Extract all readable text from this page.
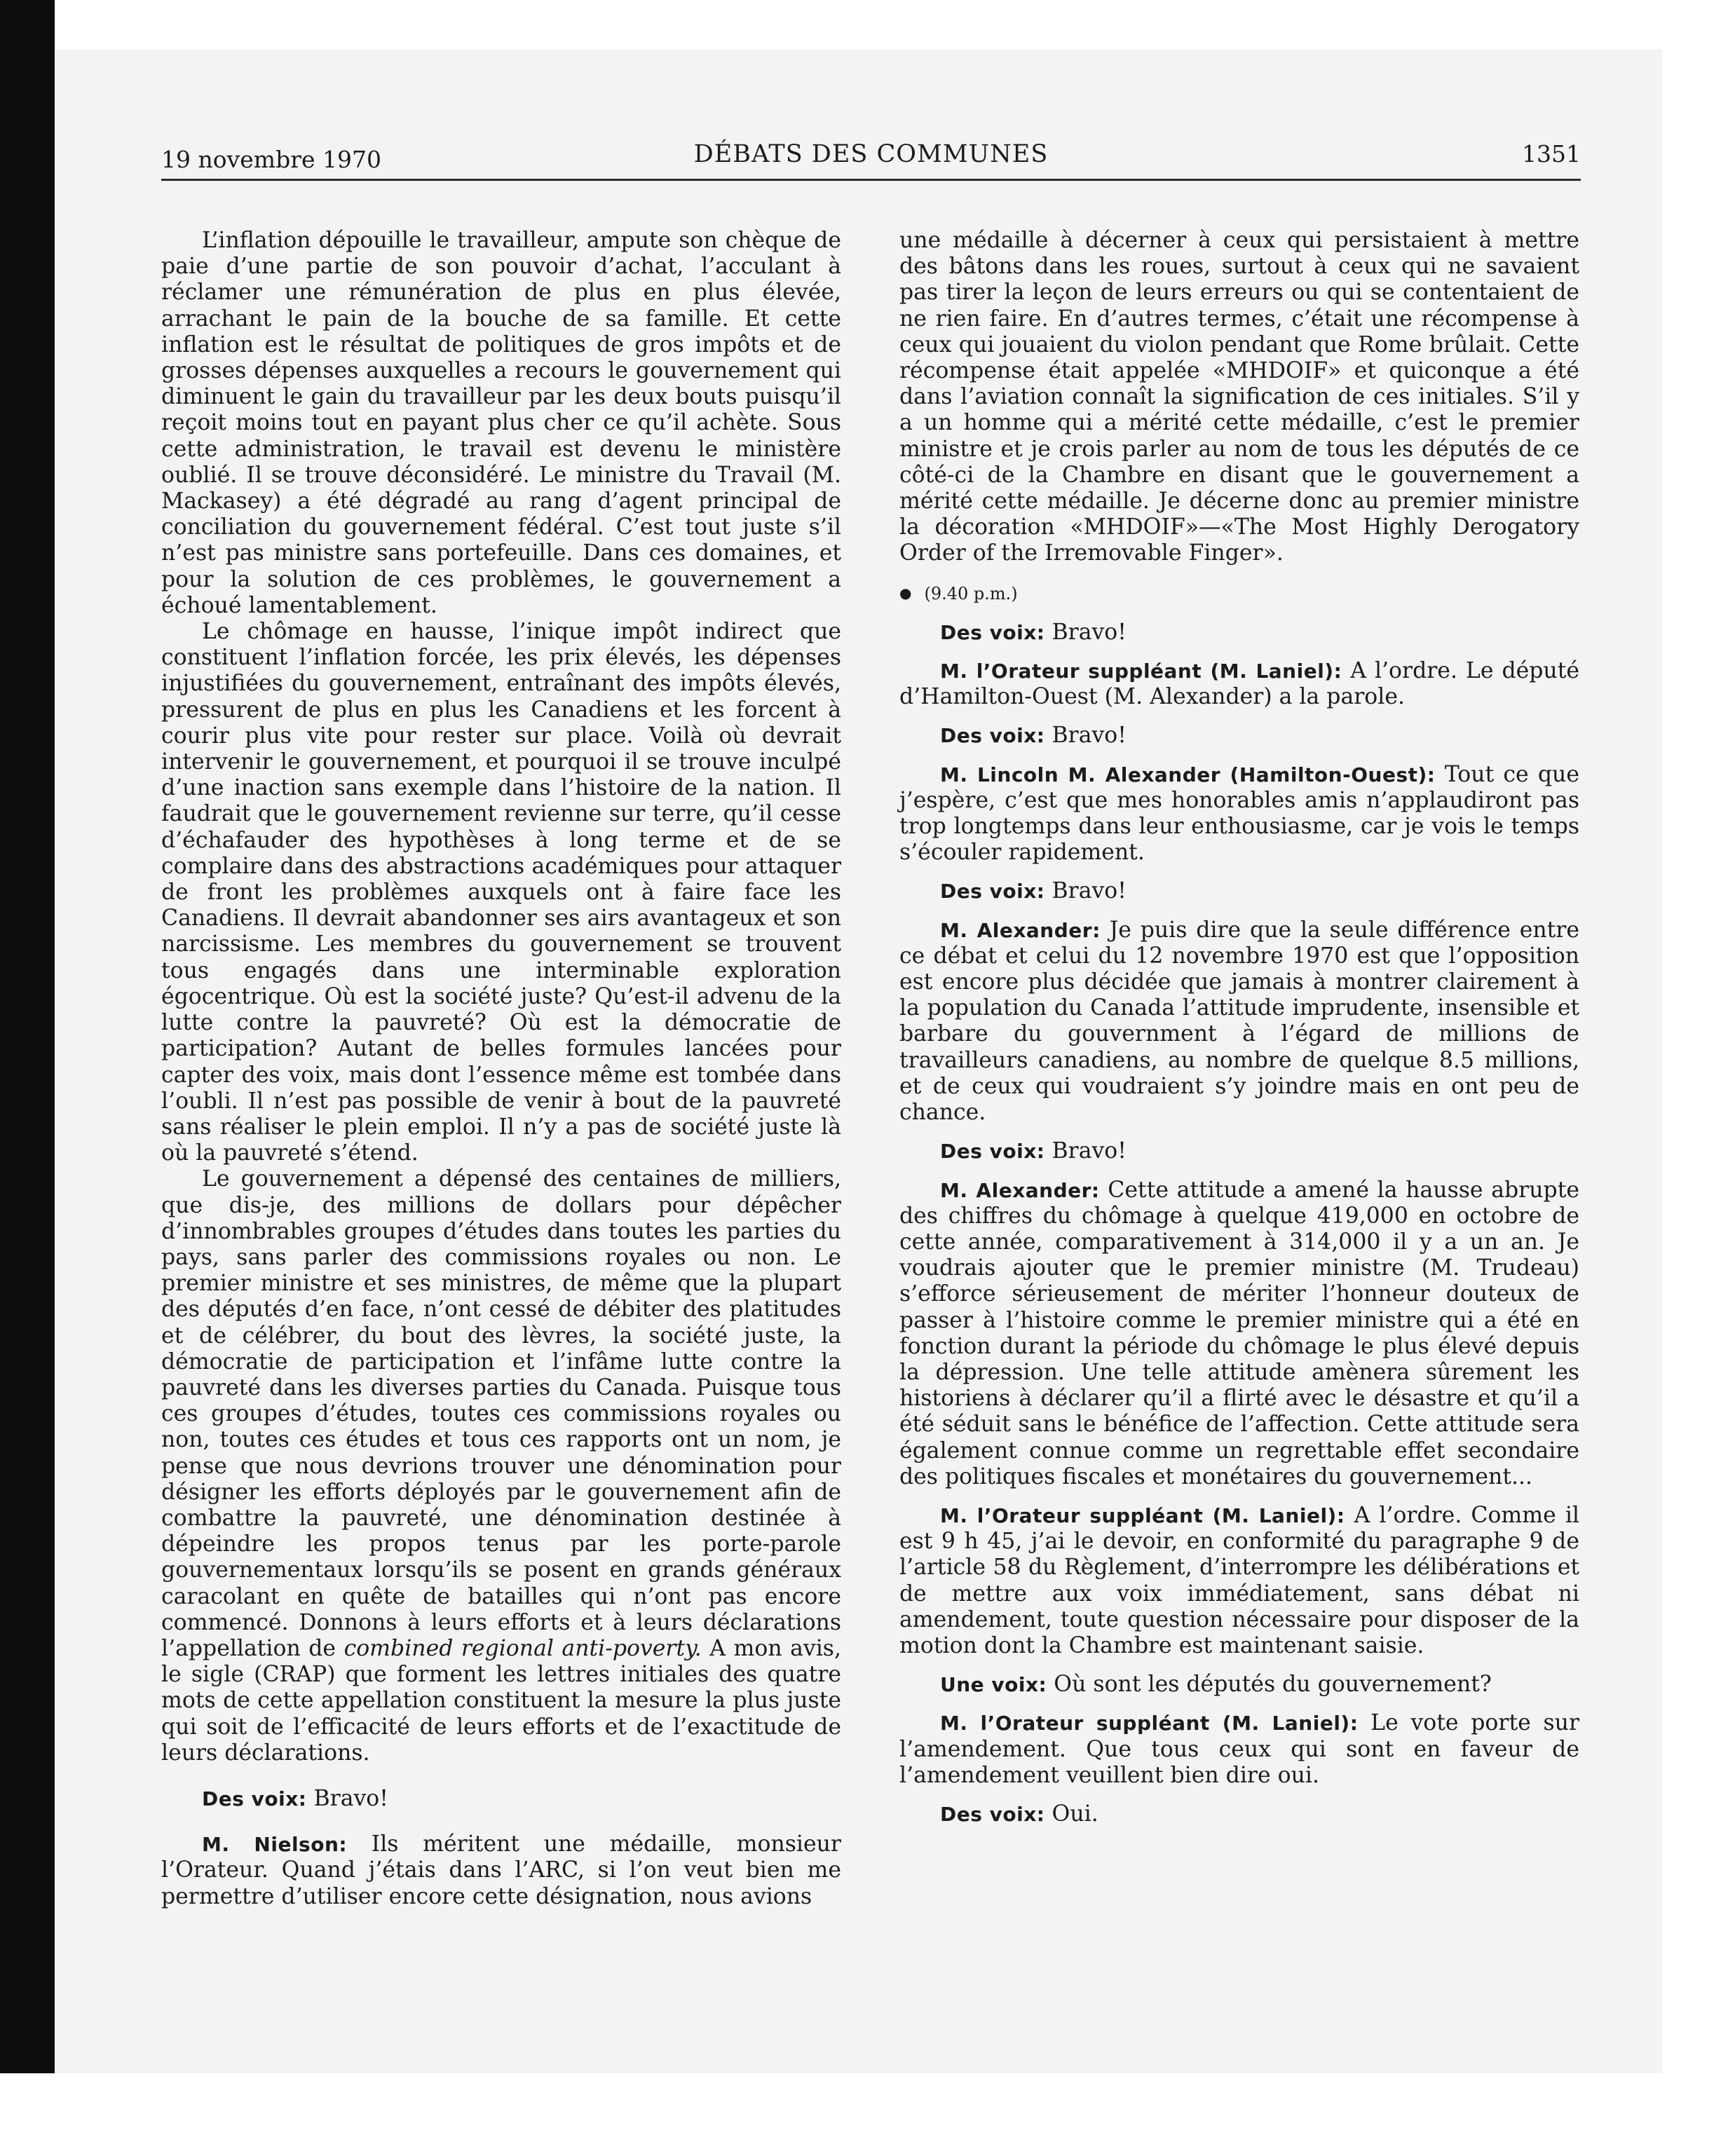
19 novembre 1970	DÉBATS DES COMMUNES	1351

L’inflation dépouille le travailleur, ampute son chèque de paie d’une partie de son pouvoir d’achat, l’acculant à réclamer une rémunération de plus en plus élevée, arrachant le pain de la bouche de sa famille. Et cette inflation est le résultat de politiques de gros impôts et de grosses dépenses auxquelles a recours le gouvernement qui diminuent le gain du travailleur par les deux bouts puisqu’il reçoit moins tout en payant plus cher ce qu’il achète. Sous cette administration, le travail est devenu le ministère oublié. Il se trouve déconsidéré. Le ministre du Travail (M. Mackasey) a été dégradé au rang d’agent principal de conciliation du gouvernement fédéral. C’est tout juste s’il n’est pas ministre sans portefeuille. Dans ces domaines, et pour la solution de ces problèmes, le gouvernement a échoué lamentablement.

Le chômage en hausse, l’inique impôt indirect que constituent l’inflation forcée, les prix élevés, les dépenses injustifiées du gouvernement, entraînant des impôts élevés, pressurent de plus en plus les Canadiens et les forcent à courir plus vite pour rester sur place. Voilà où devrait intervenir le gouvernement, et pourquoi il se trouve inculpé d’une inaction sans exemple dans l’histoire de la nation. Il faudrait que le gouvernement revienne sur terre, qu’il cesse d’échafauder des hypothèses à long terme et de se complaire dans des abstractions académiques pour attaquer de front les problèmes auxquels ont à faire face les Canadiens. Il devrait abandonner ses airs avantageux et son narcissisme. Les membres du gouvernement se trouvent tous engagés dans une interminable exploration égocentrique. Où est la société juste? Qu’est-il advenu de la lutte contre la pauvreté? Où est la démocratie de participation? Autant de belles formules lancées pour capter des voix, mais dont l’essence même est tombée dans l’oubli. Il n’est pas possible de venir à bout de la pauvreté sans réaliser le plein emploi. Il n’y a pas de société juste là où la pauvreté s’étend.

Le gouvernement a dépensé des centaines de milliers, que dis-je, des millions de dollars pour dépêcher d’innombrables groupes d’études dans toutes les parties du pays, sans parler des commissions royales ou non. Le premier ministre et ses ministres, de même que la plupart des députés d’en face, n’ont cessé de débiter des platitudes et de célébrer, du bout des lèvres, la société juste, la démocratie de participation et l’infâme lutte contre la pauvreté dans les diverses parties du Canada. Puisque tous ces groupes d’études, toutes ces commissions royales ou non, toutes ces études et tous ces rapports ont un nom, je pense que nous devrions trouver une dénomination pour désigner les efforts déployés par le gouvernement afin de combattre la pauvreté, une dénomination destinée à dépeindre les propos tenus par les porte-parole gouvernementaux lorsqu’ils se posent en grands généraux caracolant en quête de batailles qui n’ont pas encore commencé. Donnons à leurs efforts et à leurs déclarations l’appellation de combined regional anti-poverty. A mon avis, le sigle (CRAP) que forment les lettres initiales des quatre mots de cette appellation constituent la mesure la plus juste qui soit de l’efficacité de leurs efforts et de l’exactitude de leurs déclarations.

Des voix: Bravo!

M. Nielson: Ils méritent une médaille, monsieur l’Orateur. Quand j’étais dans l’ARC, si l’on veut bien me permettre d’utiliser encore cette désignation, nous avions

une médaille à décerner à ceux qui persistaient à mettre des bâtons dans les roues, surtout à ceux qui ne savaient pas tirer la leçon de leurs erreurs ou qui se contentaient de ne rien faire. En d’autres termes, c’était une récompense à ceux qui jouaient du violon pendant que Rome brûlait. Cette récompense était appelée «MHDOIF» et quiconque a été dans l’aviation connaît la signification de ces initiales. S’il y a un homme qui a mérité cette médaille, c’est le premier ministre et je crois parler au nom de tous les députés de ce côté-ci de la Chambre en disant que le gouvernement a mérité cette médaille. Je décerne donc au premier ministre la décoration «MHDOIF»—«The Most Highly Derogatory Order of the Irremovable Finger».

● (9.40 p.m.)

Des voix: Bravo!

M. l’Orateur suppléant (M. Laniel): A l’ordre. Le député d’Hamilton-Ouest (M. Alexander) a la parole.

Des voix: Bravo!

M. Lincoln M. Alexander (Hamilton-Ouest): Tout ce que j’espère, c’est que mes honorables amis n’applaudiront pas trop longtemps dans leur enthousiasme, car je vois le temps s’écouler rapidement.

Des voix: Bravo!

M. Alexander: Je puis dire que la seule différence entre ce débat et celui du 12 novembre 1970 est que l’opposition est encore plus décidée que jamais à montrer clairement à la population du Canada l’attitude imprudente, insensible et barbare du gouvernment à l’égard de millions de travailleurs canadiens, au nombre de quelque 8.5 millions, et de ceux qui voudraient s’y joindre mais en ont peu de chance.

Des voix: Bravo!

M. Alexander: Cette attitude a amené la hausse abrupte des chiffres du chômage à quelque 419,000 en octobre de cette année, comparativement à 314,000 il y a un an. Je voudrais ajouter que le premier ministre (M. Trudeau) s’efforce sérieusement de mériter l’honneur douteux de passer à l’histoire comme le premier ministre qui a été en fonction durant la période du chômage le plus élevé depuis la dépression. Une telle attitude amènera sûrement les historiens à déclarer qu’il a flirté avec le désastre et qu’il a été séduit sans le bénéfice de l’affection. Cette attitude sera également connue comme un regrettable effet secondaire des politiques fiscales et monétaires du gouvernement...

M. l’Orateur suppléant (M. Laniel): A l’ordre. Comme il est 9 h 45, j’ai le devoir, en conformité du paragraphe 9 de l’article 58 du Règlement, d’interrompre les délibérations et de mettre aux voix immédiatement, sans débat ni amendement, toute question nécessaire pour disposer de la motion dont la Chambre est maintenant saisie.

Une voix: Où sont les députés du gouvernement?

M. l’Orateur suppléant (M. Laniel): Le vote porte sur l’amendement. Que tous ceux qui sont en faveur de l’amendement veuillent bien dire oui.

Des voix: Oui.
